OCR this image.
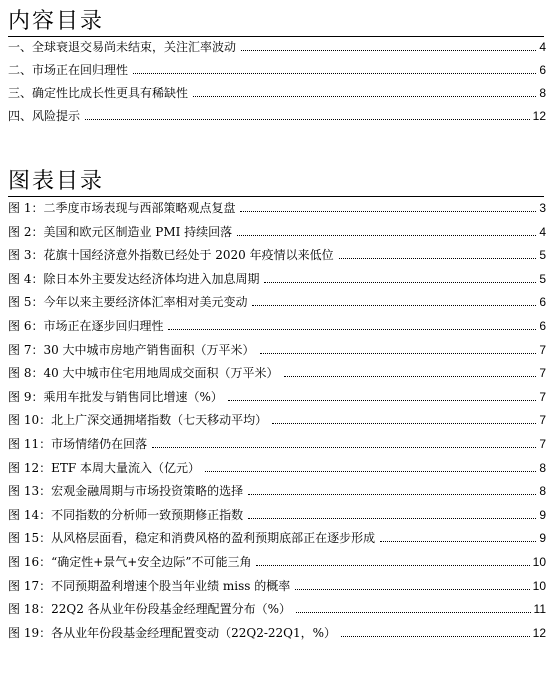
内容目录
一、全球衰退交易尚未结束，关注汇率波动	4
二、市场正在回归理性	6
三、确定性比成长性更具有稀缺性	8
四、风险提示	12
图表目录
图 1：二季度市场表现与西部策略观点复盘	3
图 2：美国和欧元区制造业 PMI 持续回落	4
图 3：花旗十国经济意外指数已经处于 2020 年疫情以来低位	5
图 4：除日本外主要发达经济体均进入加息周期	5
图 5：今年以来主要经济体汇率相对美元变动	6
图 6：市场正在逐步回归理性	6
图 7：30 大中城市房地产销售面积（万平米）	7
图 8：40 大中城市住宅用地周成交面积（万平米）	7
图 9：乘用车批发与销售同比增速（%）	7
图 10：北上广深交通拥堵指数（七天移动平均）	7
图 11：市场情绪仍在回落	7
图 12：ETF 本周大量流入（亿元）	8
图 13：宏观金融周期与市场投资策略的选择	8
图 14：不同指数的分析师一致预期修正指数	9
图 15：从风格层面看，稳定和消费风格的盈利预期底部正在逐步形成	9
图 16：“确定性+景气+安全边际”不可能三角	10
图 17：不同预期盈利增速个股当年业绩 miss 的概率	10
图 18：22Q2 各从业年份段基金经理配置分布（%）	11
图 19：各从业年份段基金经理配置变动（22Q2-22Q1，%）	12
